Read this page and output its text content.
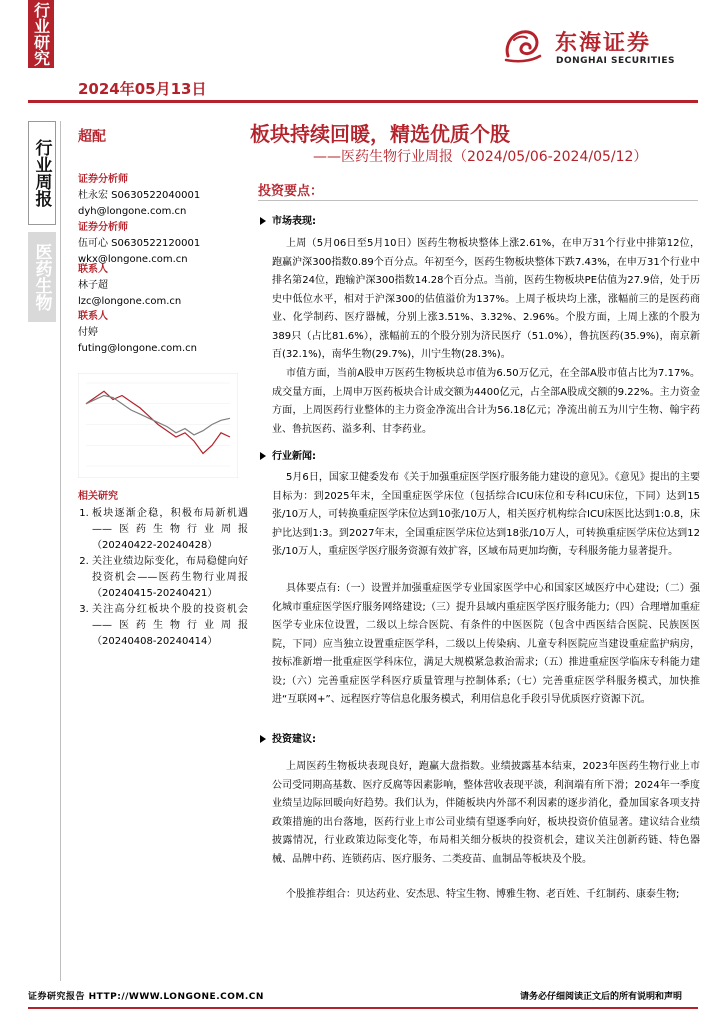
行业研究
2024年05月13日
东海证券
DONGHAI SECURITIES
行业周报
医药生物
超配
证券分析师
杜永宏 S0630522040001
dyh@longone.com.cn
证券分析师
伍可心 S0630522120001
wkx@longone.com.cn
联系人
林子超
lzc@longone.com.cn
联系人
付婷
futing@longone.com.cn
相关研究
1. 板块逐渐企稳，积极布局新机遇——医药生物行业周报（20240422-20240428）
2. 关注业绩边际变化，布局稳健向好投资机会——医药生物行业周报（20240415-20240421）
3. 关注高分红板块个股的投资机会——医药生物行业周报（20240408-20240414）
板块持续回暖，精选优质个股
——医药生物行业周报（2024/05/06-2024/05/12）
投资要点：
市场表现:
上周（5月06日至5月10日）医药生物板块整体上涨2.61%，在申万31个行业中排第12位，跑赢沪深300指数0.89个百分点。年初至今，医药生物板块整体下跌7.43%，在申万31个行业中排名第24位，跑输沪深300指数14.28个百分点。当前，医药生物板块PE估值为27.9倍，处于历史中低位水平，相对于沪深300的估值溢价为137%。上周子板块均上涨，涨幅前三的是医药商业、化学制药、医疗器械，分别上涨3.51%、3.32%、2.96%。个股方面，上周上涨的个股为389只（占比81.6%），涨幅前五的个股分别为济民医疗（51.0%），鲁抗医药(35.9%)，南京新百(32.1%)，南华生物(29.7%)，川宁生物(28.3%)。
市值方面，当前A股申万医药生物板块总市值为6.50万亿元，在全部A股市值占比为7.17%。成交量方面，上周申万医药板块合计成交额为4400亿元，占全部A股成交额的9.22%。主力资金方面，上周医药行业整体的主力资金净流出合计为56.18亿元；净流出前五为川宁生物、翰宇药业、鲁抗医药、溢多利、甘李药业。
行业新闻:
5月6日，国家卫健委发布《关于加强重症医学医疗服务能力建设的意见》。《意见》提出的主要目标为：到2025年末，全国重症医学床位（包括综合ICU床位和专科ICU床位，下同）达到15张/10万人，可转换重症医学床位达到10张/10万人，相关医疗机构综合ICU床医比达到1:0.8，床护比达到1:3。到2027年末，全国重症医学床位达到18张/10万人，可转换重症医学床位达到12张/10万人，重症医学医疗服务资源有效扩容，区域布局更加均衡，专科服务能力显著提升。
具体要点有:（一）设置并加强重症医学专业国家医学中心和国家区域医疗中心建设;（二）强化城市重症医学医疗服务网络建设;（三）提升县域内重症医学医疗服务能力;（四）合理增加重症医学专业床位设置，二级以上综合医院、有条件的中医医院（包含中西医结合医院、民族医医院，下同）应当独立设置重症医学科，二级以上传染病、儿童专科医院应当建设重症监护病房，按标准新增一批重症医学科床位，满足大规模紧急救治需求;（五）推进重症医学临床专科能力建设;（六）完善重症医学科医疗质量管理与控制体系;（七）完善重症医学科服务模式，加快推进“互联网+”、远程医疗等信息化服务模式，利用信息化手段引导优质医疗资源下沉。
投资建议:
上周医药生物板块表现良好，跑赢大盘指数。业绩披露基本结束，2023年医药生物行业上市公司受同期高基数、医疗反腐等因素影响，整体营收表现平淡，利润端有所下滑；2024年一季度业绩呈边际回暖向好趋势。我们认为，伴随板块内外部不利因素的逐步消化，叠加国家各项支持政策措施的出台落地，医药行业上市公司业绩有望逐季向好，板块投资价值显著。建议结合业绩披露情况，行业政策边际变化等，布局相关细分板块的投资机会，建议关注创新药链、特色器械、品牌中药、连锁药店、医疗服务、二类疫苗、血制品等板块及个股。
个股推荐组合：贝达药业、安杰思、特宝生物、博雅生物、老百姓、千红制药、康泰生物;
证券研究报告 HTTP://WWW.LONGONE.COM.CN	请务必仔细阅读正文后的所有说明和声明
